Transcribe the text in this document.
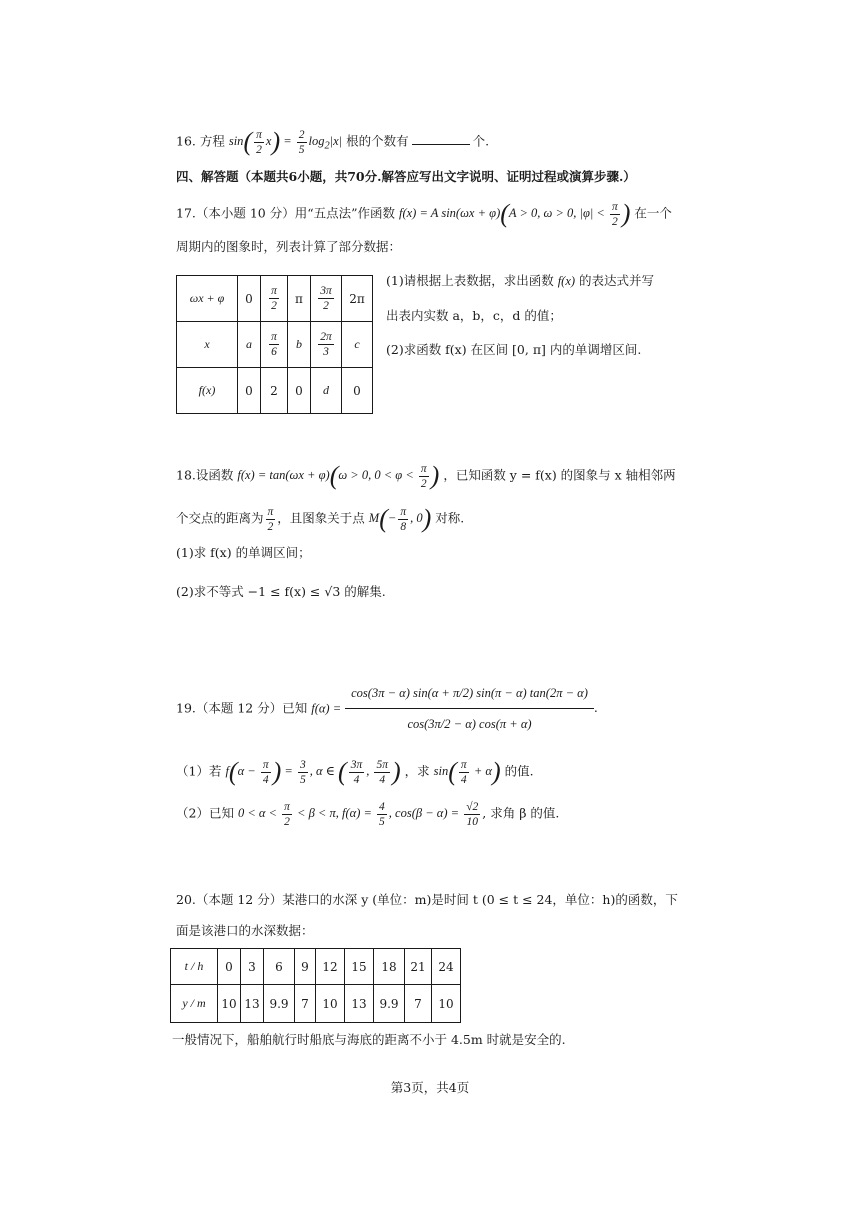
16. 方程 $\sin( \frac{\pi}{2} x) = \frac{2}{5} \log_2|x|$ 根的个数有	个.
四、解答题（本题共6小题，共70分.解答应写出文字说明、证明过程或演算步骤.）
17.（本小题 10 分）用“五点法”作函数 f(x) = A sin(ωx + φ)(A > 0, ω > 0, $|\varphi| < \frac{\pi}{2}$ ) 在一个
周期内的图象时，列表计算了部分数据：
ωx + φ	0	$\frac{\pi}{2}$	π	$\frac{3\pi}{2}$	2π
x	a	$\frac{\pi}{6}$	b	$\frac{2\pi}{3}$	c
f(x)	0	2	0	d	0
(1)请根据上表数据，求出函数 f(x) 的表达式并写
出表内实数 a，b，c，d 的值；
(2)求函数 f(x) 在区间 [0, π] 内的单调增区间.
18.设函数 f(x) = tan(ωx + φ)(ω > 0, $0 < \varphi < \frac{\pi}{2}$ ) ，已知函数 y = f(x) 的图象与 x 轴相邻两
个交点的距离为 $\frac{\pi}{2}$ ，且图象关于点 $M(- \frac{\pi}{8}$ , 0) 对称.
(1)求 f(x) 的单调区间；
(2)求不等式 −1 ≤ f(x) ≤ √3 的解集.
19.（本题 12 分）已知 $f(\alpha) = \frac{\cos(3\pi - \alpha) \sin(\alpha + \pi/2) \sin(\pi - \alpha) \tan(2\pi - \alpha)}{\cos(3\pi/2 - \alpha) \cos(\pi + \alpha)}$ .
（1）若 $f(\alpha - \frac{\pi}{4}$ ) = $\frac{3}{5}$ , α ∈ ( $\frac{3\pi}{4}$ , $\frac{5\pi}{4}$ ) ，求 $\sin( \frac{\pi}{4} + \alpha)$ 的值.
（2）已知 $0 < \alpha < \frac{\pi}{2} < \beta < \pi$, $f(\alpha) = \frac{4}{5}$ , $\cos(\beta - \alpha) = \frac{√2}{10}$ , 求角 β 的值.
20.（本题 12 分）某港口的水深 y (单位：m)是时间 t (0 ≤ t ≤ 24，单位：h)的函数，下
面是该港口的水深数据：
t / h	0	3	6	9	12	15	18	21	24
y / m	10	13	9.9	7	10	13	9.9	7	10
一般情况下，船舶航行时船底与海底的距离不小于 4.5m 时就是安全的.
第3页，共4页
